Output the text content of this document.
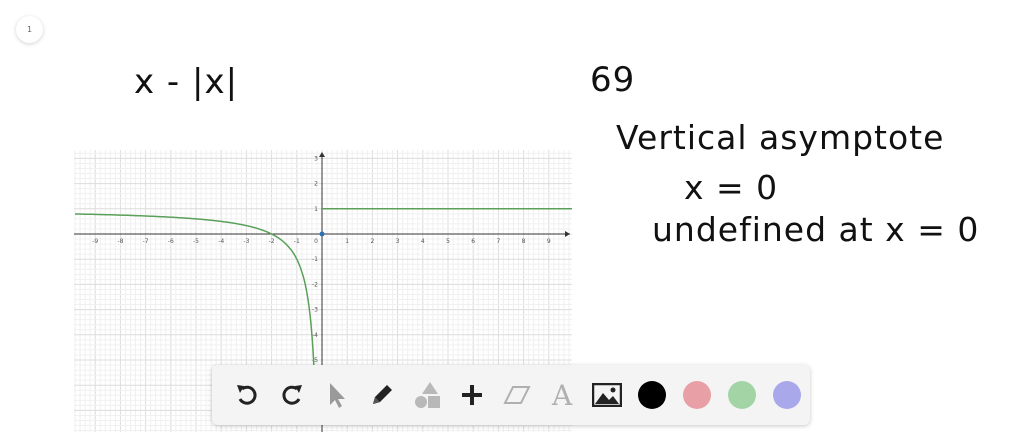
1
x - |x|	69
Vertical asymptote
x = 0
undefined at x = 0
-9	-8	-7	-6	-5	-4	-3	-2	-1 0	1	2	3	4	5	6	7	8	9
3
2
1
-1
-2
-3
-4
-5
A
